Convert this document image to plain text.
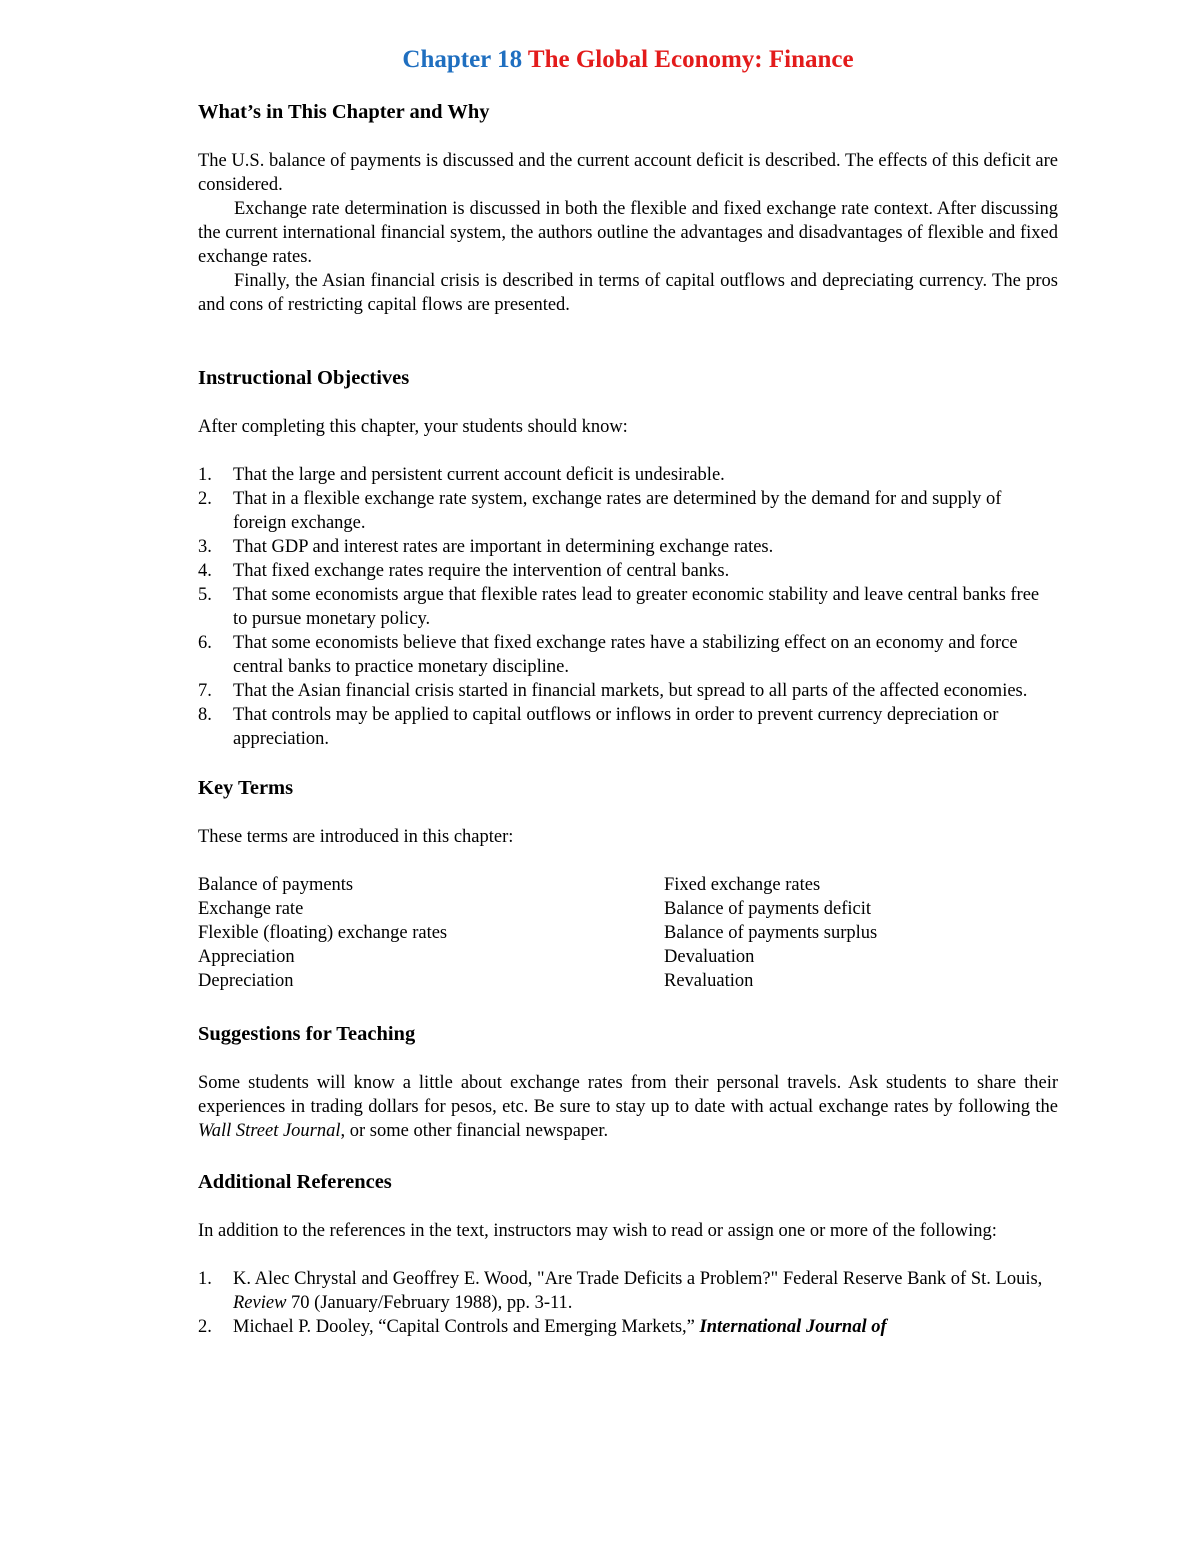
Chapter 18 The Global Economy: Finance
What’s in This Chapter and Why

The U.S. balance of payments is discussed and the current account deficit is described. The effects of this deficit are considered.

Exchange rate determination is discussed in both the flexible and fixed exchange rate context. After discussing the current international financial system, the authors outline the advantages and disadvantages of flexible and fixed exchange rates.

Finally, the Asian financial crisis is described in terms of capital outflows and depreciating currency. The pros and cons of restricting capital flows are presented.

Instructional Objectives

After completing this chapter, your students should know:

1. That the large and persistent current account deficit is undesirable.
2. That in a flexible exchange rate system, exchange rates are determined by the demand for and supply of foreign exchange.
3. That GDP and interest rates are important in determining exchange rates.
4. That fixed exchange rates require the intervention of central banks.
5. That some economists argue that flexible rates lead to greater economic stability and leave central banks free to pursue monetary policy.
6. That some economists believe that fixed exchange rates have a stabilizing effect on an economy and force central banks to practice monetary discipline.
7. That the Asian financial crisis started in financial markets, but spread to all parts of the affected economies.
8. That controls may be applied to capital outflows or inflows in order to prevent currency depreciation or appreciation.
Key Terms

These terms are introduced in this chapter:

Balance of payments	Fixed exchange rates
Exchange rate	Balance of payments deficit
Flexible (floating) exchange rates	Balance of payments surplus
Appreciation	Devaluation
Depreciation	Revaluation
Suggestions for Teaching

Some students will know a little about exchange rates from their personal travels. Ask students to share their experiences in trading dollars for pesos, etc. Be sure to stay up to date with actual exchange rates by following the Wall Street Journal, or some other financial newspaper.

Additional References

In addition to the references in the text, instructors may wish to read or assign one or more of the following:

1. K. Alec Chrystal and Geoffrey E. Wood, "Are Trade Deficits a Problem?" Federal Reserve Bank of St. Louis, Review 70 (January/February 1988), pp. 3-11.
2. Michael P. Dooley, “Capital Controls and Emerging Markets,” International Journal of
